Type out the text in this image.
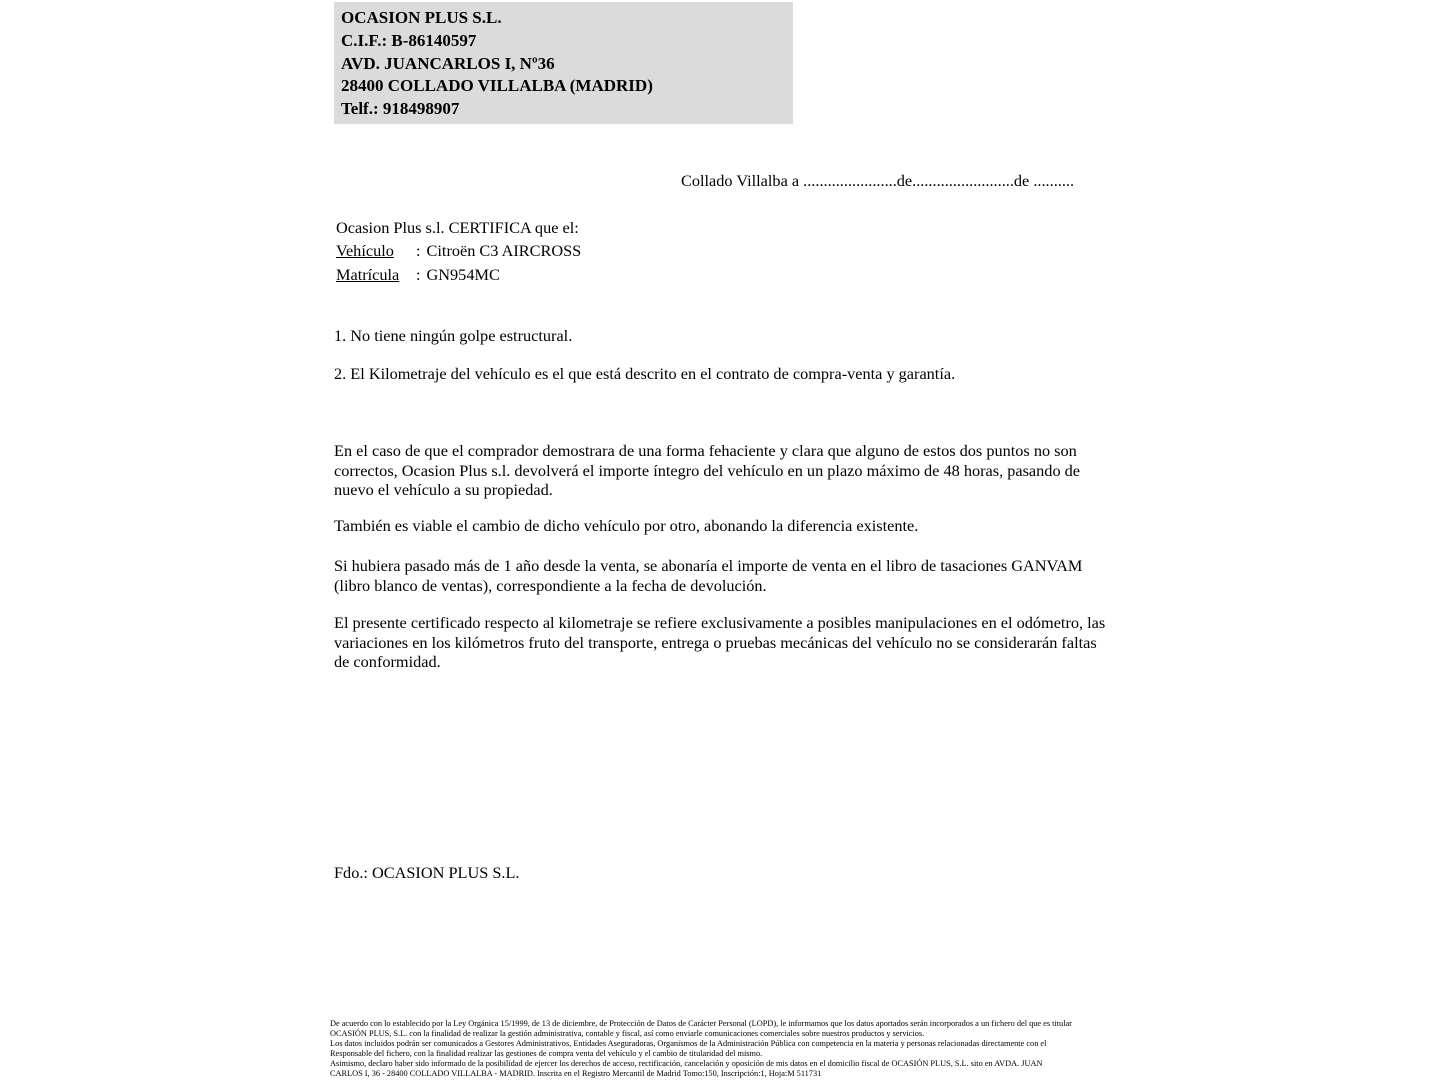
OCASION PLUS S.L.
C.I.F.: B-86140597
AVD. JUANCARLOS I, Nº36
28400 COLLADO VILLALBA (MADRID)
Telf.: 918498907
Collado Villalba a .......................de.........................de ..........
Ocasion Plus s.l. CERTIFICA que el:
Vehículo : Citroën C3 AIRCROSS
Matrícula : GN954MC
1. No tiene ningún golpe estructural.
2. El Kilometraje del vehículo es el que está descrito en el contrato de compra-venta y garantía.
En el caso de que el comprador demostrara de una forma fehaciente y clara que alguno de estos dos puntos no son correctos, Ocasion Plus s.l. devolverá el importe íntegro del vehículo en un plazo máximo de 48 horas, pasando de nuevo el vehículo a su propiedad.
También es viable el cambio de dicho vehículo por otro, abonando la diferencia existente.
Si hubiera pasado más de 1 año desde la venta, se abonaría el importe de venta en el libro de tasaciones GANVAM (libro blanco de ventas), correspondiente a la fecha de devolución.
El presente certificado respecto al kilometraje se refiere exclusivamente a posibles manipulaciones en el odómetro, las variaciones en los kilómetros fruto del transporte, entrega o pruebas mecánicas del vehículo no se considerarán faltas de conformidad.
Fdo.: OCASION PLUS S.L.
De acuerdo con lo establecido por la Ley Orgánica 15/1999, de 13 de diciembre, de Protección de Datos de Carácter Personal (LOPD), le informamos que los datos aportados serán incorporados a un fichero del que es titular
OCASIÓN PLUS, S.L. con la finalidad de realizar la gestión administrativa, contable y fiscal, así como enviarle comunicaciones comerciales sobre nuestros productos y servicios.
Los datos incluidos podrán ser comunicados a Gestores Administrativos, Entidades Aseguradoras, Organismos de la Administración Pública con competencia en la materia y personas relacionadas directamente con el
Responsable del fichero, con la finalidad realizar las gestiones de compra venta del vehículo y el cambio de titularidad del mismo.
Asimismo, declaro haber sido informado de la posibilidad de ejercer los derechos de acceso, rectificación, cancelación y oposición de mis datos en el domicilio fiscal de OCASIÓN PLUS, S.L. sito en AVDA. JUAN
CARLOS I, 36 - 28400 COLLADO VILLALBA - MADRID. Inscrita en el Registro Mercantil de Madrid Tomo:150, Inscripción:1, Hoja:M 511731
